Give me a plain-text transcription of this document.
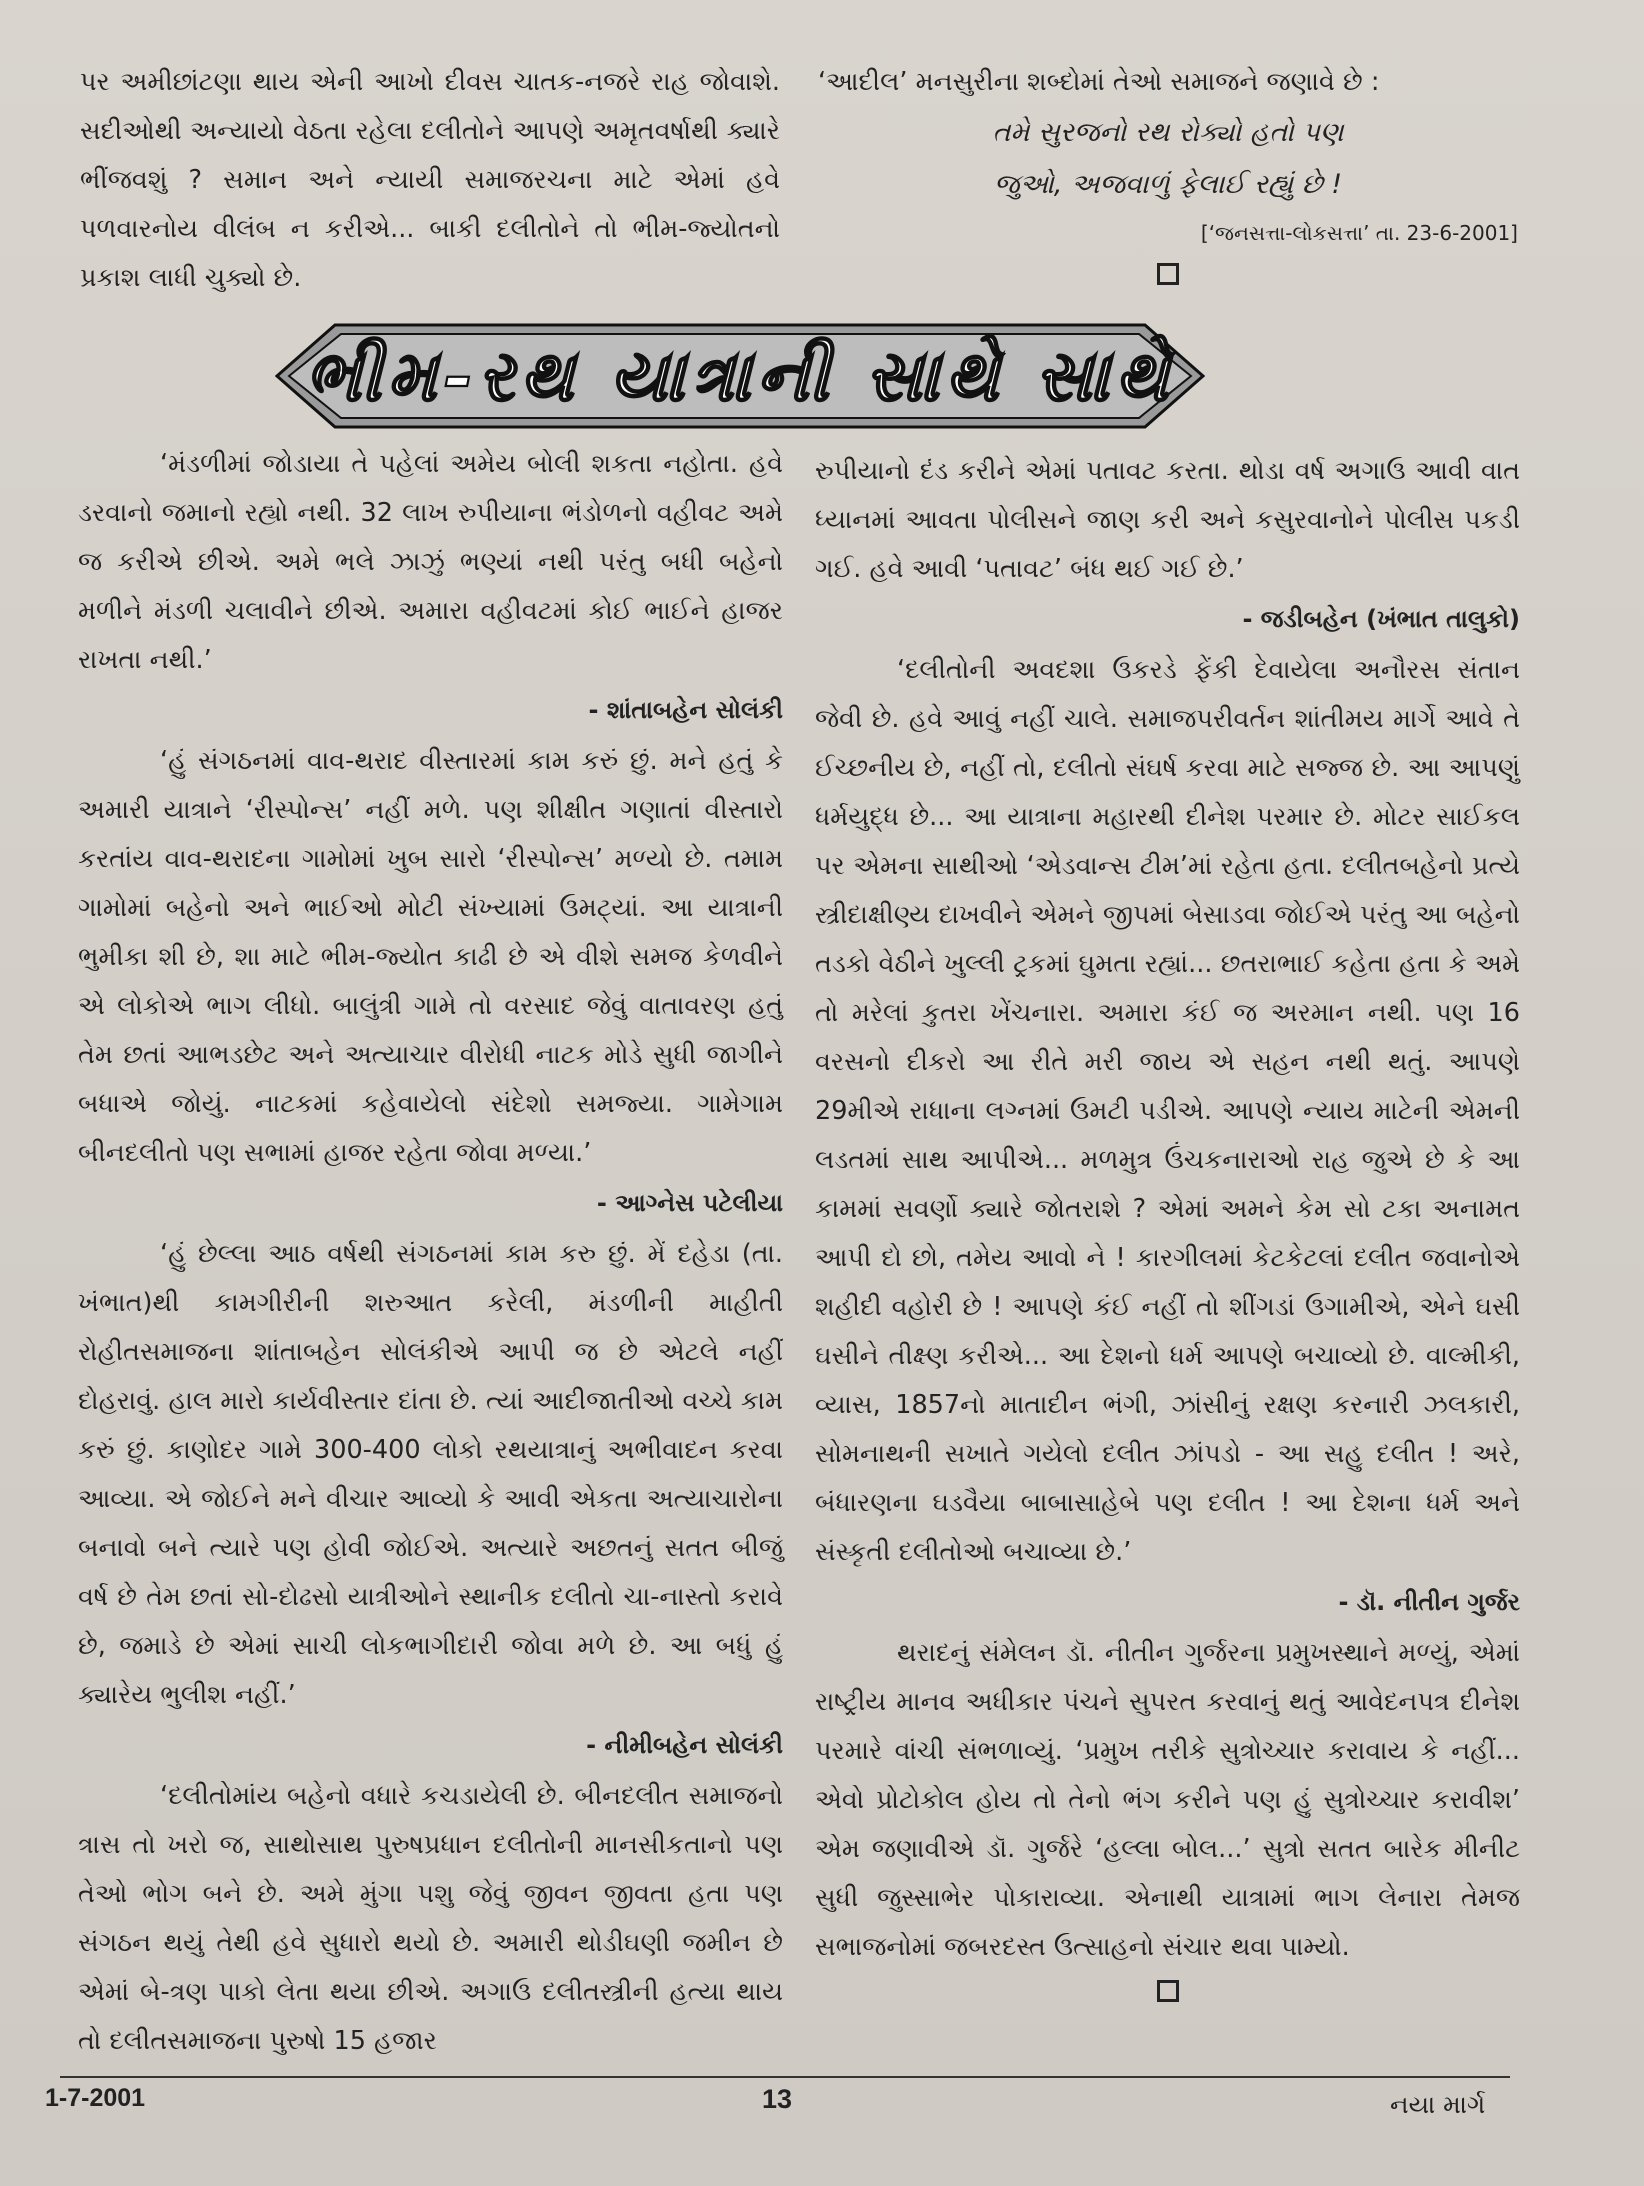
પર અમીછાંટણા થાય એની આખો દીવસ ચાતક-નજરે રાહ જોવાશે. સદીઓથી અન્યાયો વેઠતા રહેલા દલીતોને આપણે અમૃતવર્ષાથી ક્યારે ભીંજવશું ? સમાન અને ન્યાયી સમાજરચના માટે એમાં હવે પળવારનોય વીલંબ ન કરીએ... બાકી દલીતોને તો ભીમ-જ્યોતનો પ્રકાશ લાધી ચુક્યો છે.

‘આદીલ’ મનસુરીના શબ્દોમાં તેઓ સમાજને જણાવે છે :

તમે સુરજનો રથ રોક્યો હતો પણ

જુઓ, અજવાળું ફેલાઈ રહ્યું છે !

[‘જનસત્તા-લોકસત્તા’ તા. 23-6-2001]

ભીમ-રથ યાત્રાની સાથે સાથે

‘મંડળીમાં જોડાયા તે પહેલાં અમેય બોલી શકતા નહોતા. હવે ડરવાનો જમાનો રહ્યો નથી. 32 લાખ રુપીયાના ભંડોળનો વહીવટ અમે જ કરીએ છીએ. અમે ભલે ઝાઝું ભણ્યાં નથી પરંતુ બધી બહેનો મળીને મંડળી ચલાવીને છીએ. અમારા વહીવટમાં કોઈ ભાઈને હાજર રાખતા નથી.’

- શાંતાબહેન સોલંકી

‘હું સંગઠનમાં વાવ-થરાદ વીસ્તારમાં કામ કરું છું. મને હતું કે અમારી યાત્રાને ‘રીસ્પોન્સ’ નહીં મળે. પણ શીક્ષીત ગણાતાં વીસ્તારો કરતાંય વાવ-થરાદના ગામોમાં ખુબ સારો ‘રીસ્પોન્સ’ મળ્યો છે. તમામ ગામોમાં બહેનો અને ભાઈઓ મોટી સંખ્યામાં ઉમટ્યાં. આ યાત્રાની ભુમીકા શી છે, શા માટે ભીમ-જ્યોત કાઢી છે એ વીશે સમજ કેળવીને એ લોકોએ ભાગ લીધો. બાલુંત્રી ગામે તો વરસાદ જેવું વાતાવરણ હતું તેમ છતાં આભડછેટ અને અત્યાચાર વીરોધી નાટક મોડે સુધી જાગીને બધાએ જોયું. નાટકમાં કહેવાયેલો સંદેશો સમજ્યા. ગામેગામ બીનદલીતો પણ સભામાં હાજર રહેતા જોવા મળ્યા.’

- આગ્નેસ પટેલીયા

‘હું છેલ્લા આઠ વર્ષથી સંગઠનમાં કામ કરુ છું. મેં દહેડા (તા. ખંભાત)થી કામગીરીની શરુઆત કરેલી, મંડળીની માહીતી રોહીતસમાજના શાંતાબહેન સોલંકીએ આપી જ છે એટલે નહીં દોહરાવું. હાલ મારો કાર્યવીસ્તાર દાંતા છે. ત્યાં આદીજાતીઓ વચ્ચે કામ કરું છું. કાણોદર ગામે 300-400 લોકો રથયાત્રાનું અભીવાદન કરવા આવ્યા. એ જોઈને મને વીચાર આવ્યો કે આવી એકતા અત્યાચારોના બનાવો બને ત્યારે પણ હોવી જોઈએ. અત્યારે અછતનું સતત બીજું વર્ષ છે તેમ છતાં સો-દોઢસો યાત્રીઓને સ્થાનીક દલીતો ચા-નાસ્તો કરાવે છે, જમાડે છે એમાં સાચી લોકભાગીદારી જોવા મળે છે. આ બધું હું ક્યારેય ભુલીશ નહીં.’

- નીમીબહેન સોલંકી

‘દલીતોમાંય બહેનો વધારે કચડાયેલી છે. બીનદલીત સમાજનો ત્રાસ તો ખરો જ, સાથોસાથ પુરુષપ્રધાન દલીતોની માનસીકતાનો પણ તેઓ ભોગ બને છે. અમે મુંગા પશુ જેવું જીવન જીવતા હતા પણ સંગઠન થયું તેથી હવે સુધારો થયો છે. અમારી થોડીઘણી જમીન છે એમાં બે-ત્રણ પાકો લેતા થયા છીએ. અગાઉ દલીતસ્ત્રીની હત્યા થાય તો દલીતસમાજના પુરુષો 15 હજાર

રુપીયાનો દંડ કરીને એમાં પતાવટ કરતા. થોડા વર્ષ અગાઉ આવી વાત ધ્યાનમાં આવતા પોલીસને જાણ કરી અને કસુરવાનોને પોલીસ પકડી ગઈ. હવે આવી ‘પતાવટ’ બંધ થઈ ગઈ છે.’

- જડીબહેન (ખંભાત તાલુકો)

‘દલીતોની અવદશા ઉકરડે ફેંકી દેવાયેલા અનૌરસ સંતાન જેવી છે. હવે આવું નહીં ચાલે. સમાજપરીવર્તન શાંતીમય માર્ગે આવે તે ઈચ્છનીય છે, નહીં તો, દલીતો સંઘર્ષ કરવા માટે સજ્જ છે. આ આપણું ધર્મયુદ્ધ છે... આ યાત્રાના મહારથી દીનેશ પરમાર છે. મોટર સાઈકલ પર એમના સાથીઓ ‘એડવાન્સ ટીમ’માં રહેતા હતા. દલીતબહેનો પ્રત્યે સ્ત્રીદાક્ષીણ્ય દાખવીને એમને જીપમાં બેસાડવા જોઈએ પરંતુ આ બહેનો તડકો વેઠીને ખુલ્લી ટ્રકમાં ઘુમતા રહ્યાં... છતરાભાઈ કહેતા હતા કે અમે તો મરેલાં કુતરા ખેંચનારા. અમારા કંઈ જ અરમાન નથી. પણ 16 વરસનો દીકરો આ રીતે મરી જાય એ સહન નથી થતું. આપણે 29મીએ રાધાના લગ્નમાં ઉમટી પડીએ. આપણે ન્યાય માટેની એમની લડતમાં સાથ આપીએ... મળમુત્ર ઉંચકનારાઓ રાહ જુએ છે કે આ કામમાં સવર્ણો ક્યારે જોતરાશે ? એમાં અમને કેમ સો ટકા અનામત આપી દો છો, તમેય આવો ને ! કારગીલમાં કેટકેટલાં દલીત જવાનોએ શહીદી વહોરી છે ! આપણે કંઈ નહીં તો શીંગડાં ઉગામીએ, એને ઘસી ઘસીને તીક્ષ્ણ કરીએ... આ દેશનો ધર્મ આપણે બચાવ્યો છે. વાલ્મીકી, વ્યાસ, 1857નો માતાદીન ભંગી, ઝાંસીનું રક્ષણ કરનારી ઝલકારી, સોમનાથની સખાતે ગયેલો દલીત ઝાંપડો - આ સહુ દલીત ! અરે, બંધારણના ઘડવૈયા બાબાસાહેબે પણ દલીત ! આ દેશના ધર્મ અને સંસ્કૃતી દલીતોઓ બચાવ્યા છે.’

- ડૉ. નીતીન ગુર્જર

થરાદનું સંમેલન ડૉ. નીતીન ગુર્જરના પ્રમુખસ્થાને મળ્યું, એમાં રાષ્ટ્રીય માનવ અધીકાર પંચને સુપરત કરવાનું થતું આવેદનપત્ર દીનેશ પરમારે વાંચી સંભળાવ્યું. ‘પ્રમુખ તરીકે સુત્રોચ્ચાર કરાવાય કે નહીં... એવો પ્રોટોકોલ હોય તો તેનો ભંગ કરીને પણ હું સુત્રોચ્ચાર કરાવીશ’ એમ જણાવીએ ડૉ. ગુર્જરે ‘હલ્લા બોલ...’ સુત્રો સતત બારેક મીનીટ સુધી જુસ્સાભેર પોકારાવ્યા. એનાથી યાત્રામાં ભાગ લેનારા તેમજ સભાજનોમાં જબરદસ્ત ઉત્સાહનો સંચાર થવા પામ્યો.

1-7-2001	13	નયા માર્ગ
